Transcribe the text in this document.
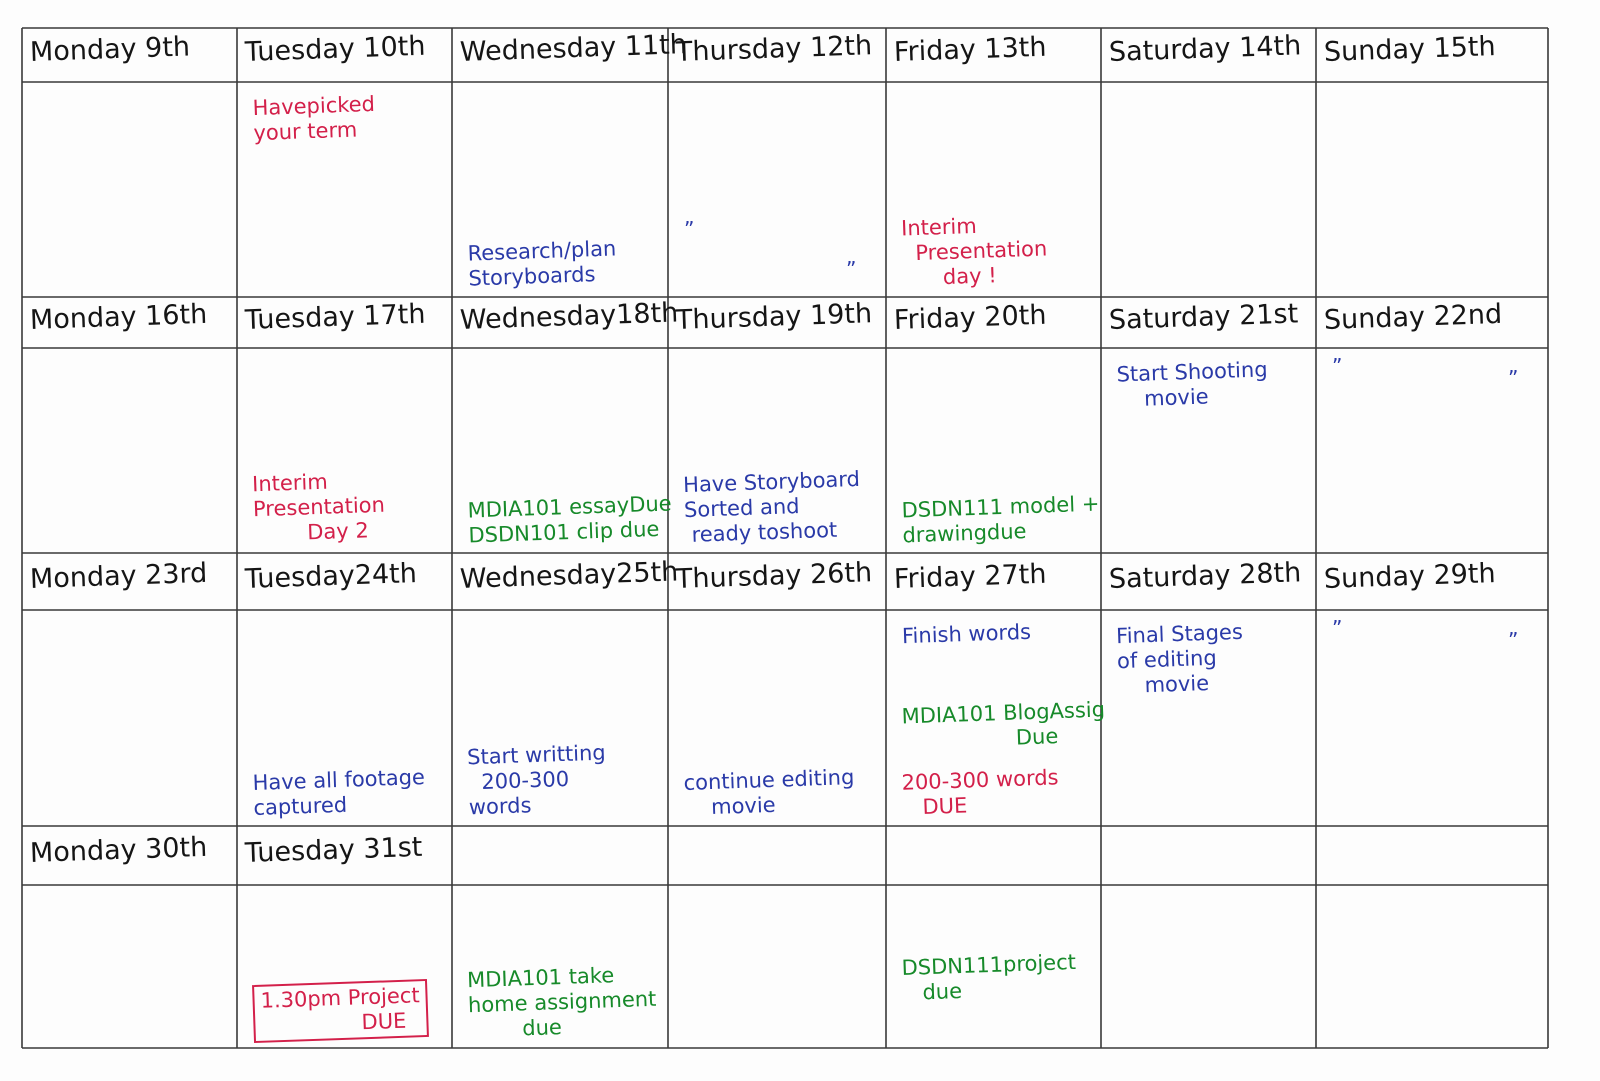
Monday 9th Tuesday 10th
Havepicked
your term
Wednesday 11th
Research/plan
Storyboards
Thursday 12th
”
”
Friday 13th
Interim
Presentation
day !
Saturday 14th Sunday 15th
Monday 16th Tuesday 17th
Interim
Presentation
Day 2
Wednesday18th
MDIA101 essayDue
DSDN101 clip due
Thursday 19th
Have Storyboard
Sorted and
ready toshoot
Friday 20th
DSDN111 model +
drawingdue
Saturday 21st
Start Shooting
movie
Sunday 22nd
”	”
Monday 23rd Tuesday24th
Have all footage
captured
Wednesday25th
Start writting
200-300
words
Thursday 26th
continue editing
movie
Friday 27th
Finish words
MDIA101 BlogAssig
Due
200-300 words
DUE
Saturday 28th
Final Stages
of editing
movie
Sunday 29th
”	”
Monday 30th Tuesday 31st
1.30pm Project
DUE
MDIA101 take
home assignment
due
DSDN111project
due
